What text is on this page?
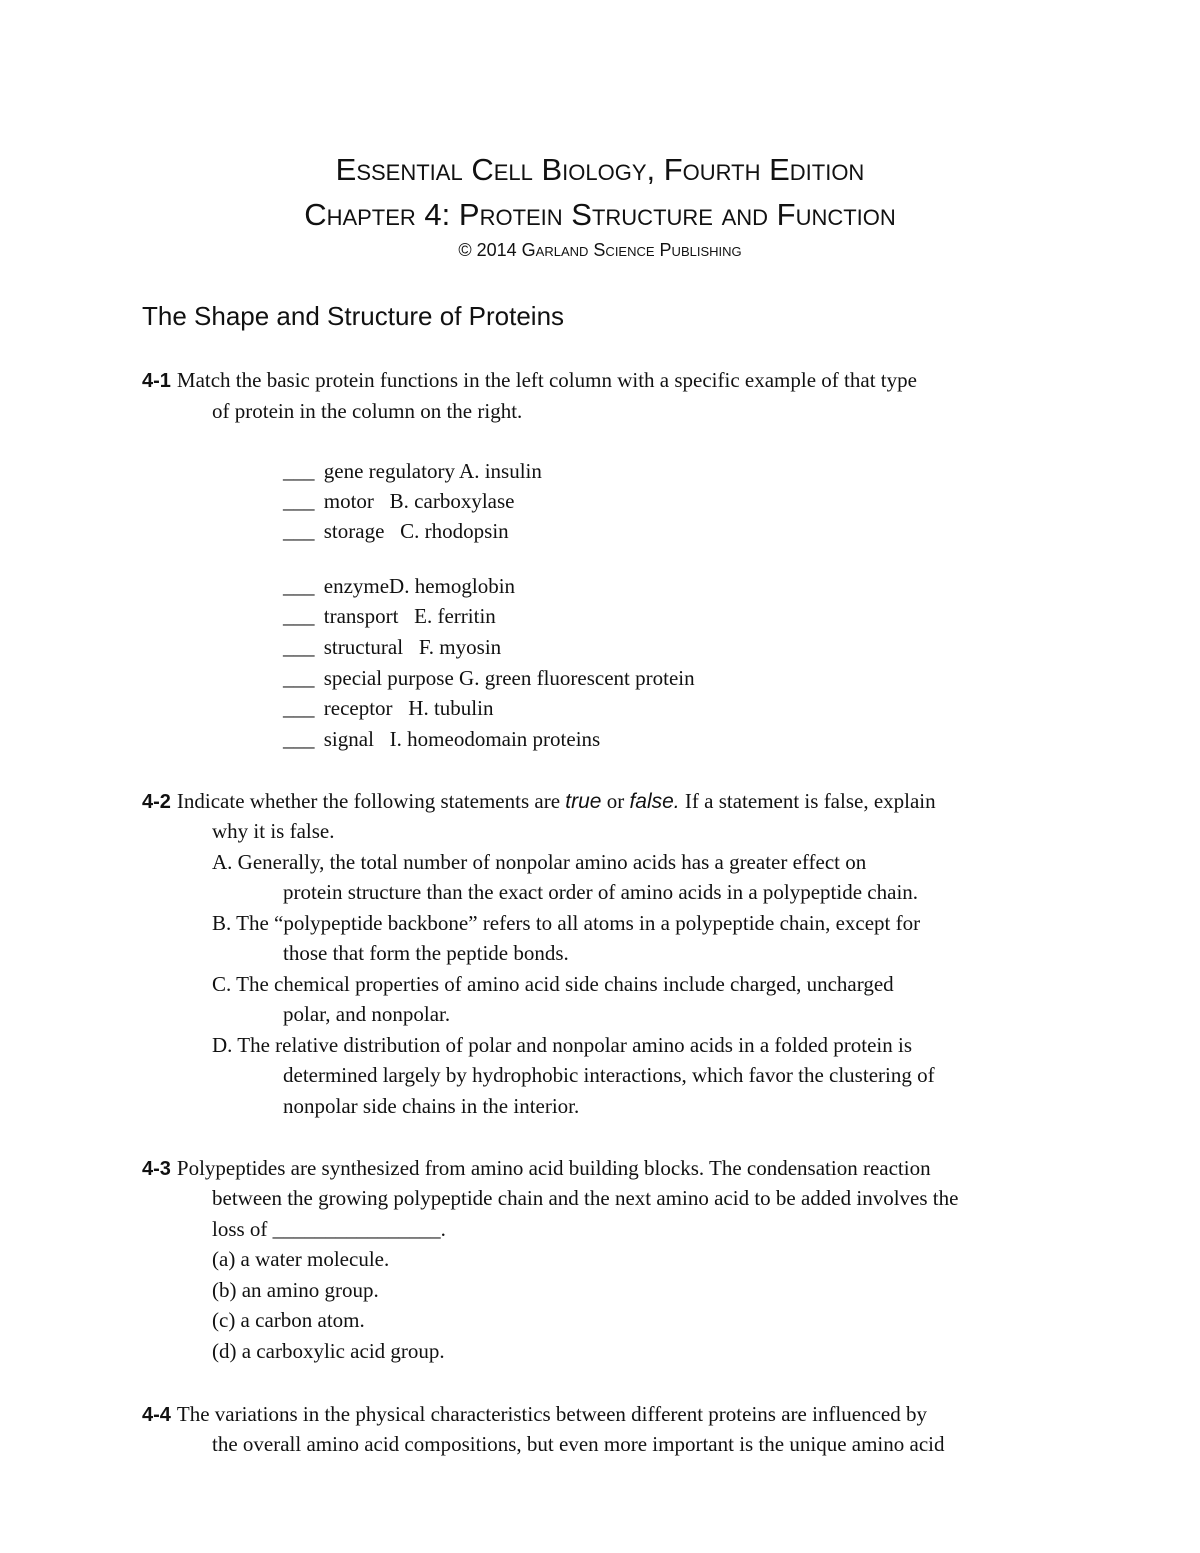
Essential Cell Biology, Fourth Edition
Chapter 4: Protein Structure and Function
© 2014 Garland Science Publishing
The Shape and Structure of Proteins
4-1 Match the basic protein functions in the left column with a specific example of that type
of protein in the column on the right.
___ gene regulatory A. insulin
___ motor B. carboxylase
___ storage C. rhodopsin
___ enzymeD. hemoglobin
___ transport E. ferritin
___ structural F. myosin
___ special purpose G. green fluorescent protein
___ receptor H. tubulin
___ signal I. homeodomain proteins
4-2 Indicate whether the following statements are true or false. If a statement is false, explain
why it is false.
A. Generally, the total number of nonpolar amino acids has a greater effect on
protein structure than the exact order of amino acids in a polypeptide chain.
B. The “polypeptide backbone” refers to all atoms in a polypeptide chain, except for
those that form the peptide bonds.
C. The chemical properties of amino acid side chains include charged, uncharged
polar, and nonpolar.
D. The relative distribution of polar and nonpolar amino acids in a folded protein is
determined largely by hydrophobic interactions, which favor the clustering of
nonpolar side chains in the interior.
4-3 Polypeptides are synthesized from amino acid building blocks. The condensation reaction
between the growing polypeptide chain and the next amino acid to be added involves the
loss of ________________.
(a) a water molecule.
(b) an amino group.
(c) a carbon atom.
(d) a carboxylic acid group.
4-4 The variations in the physical characteristics between different proteins are influenced by
the overall amino acid compositions, but even more important is the unique amino acid
